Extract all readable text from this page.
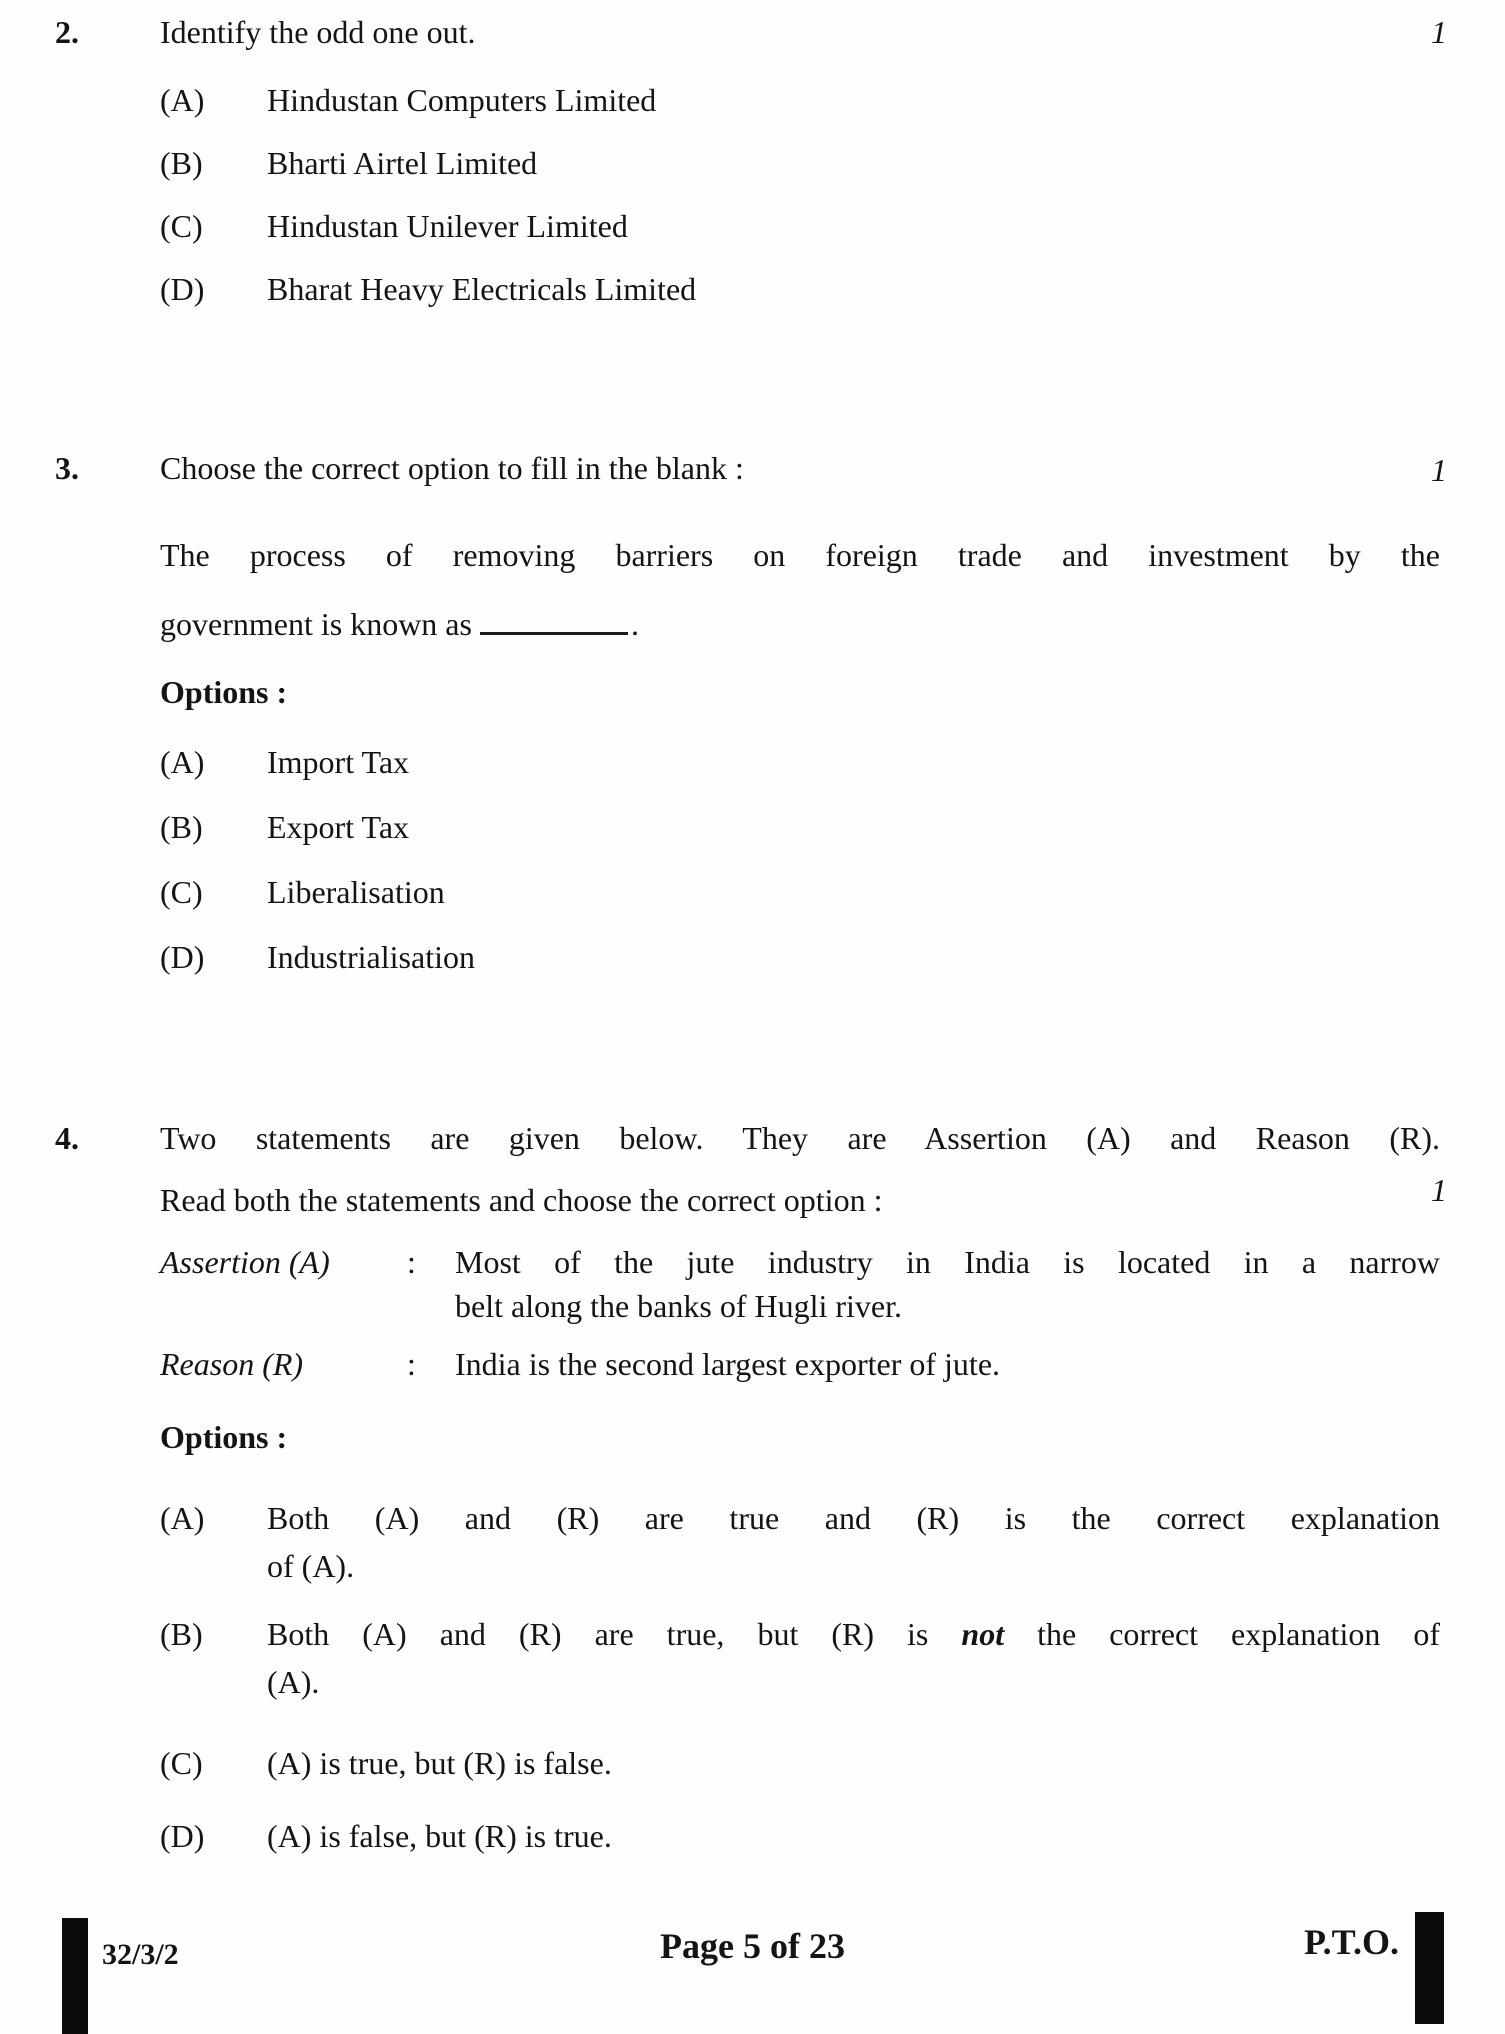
2.	Identify the odd one out.
(A)	Hindustan Computers Limited
(B)	Bharti Airtel Limited
(C)	Hindustan Unilever Limited
(D)	Bharat Heavy Electricals Limited
1
3.	Choose the correct option to fill in the blank :
The process of removing barriers on foreign trade and investment by the
government is known as	.
Options :
(A)	Import Tax
(B)	Export Tax
(C)	Liberalisation
(D)	Industrialisation
1
4.	Two statements are given below. They are Assertion (A) and Reason (R).
Read both the statements and choose the correct option :
Assertion (A)	:	Most of the jute industry in India is located in a narrow
belt along the banks of Hugli river.
Reason (R)	:	India is the second largest exporter of jute.
Options :
(A)	Both (A) and (R) are true and (R) is the correct explanation
of (A).
(B)	Both (A) and (R) are true, but (R) is not the correct explanation of
(A).
(C)	(A) is true, but (R) is false.
(D)	(A) is false, but (R) is true.
1
32/3/2	Page 5 of 23	P.T.O.
